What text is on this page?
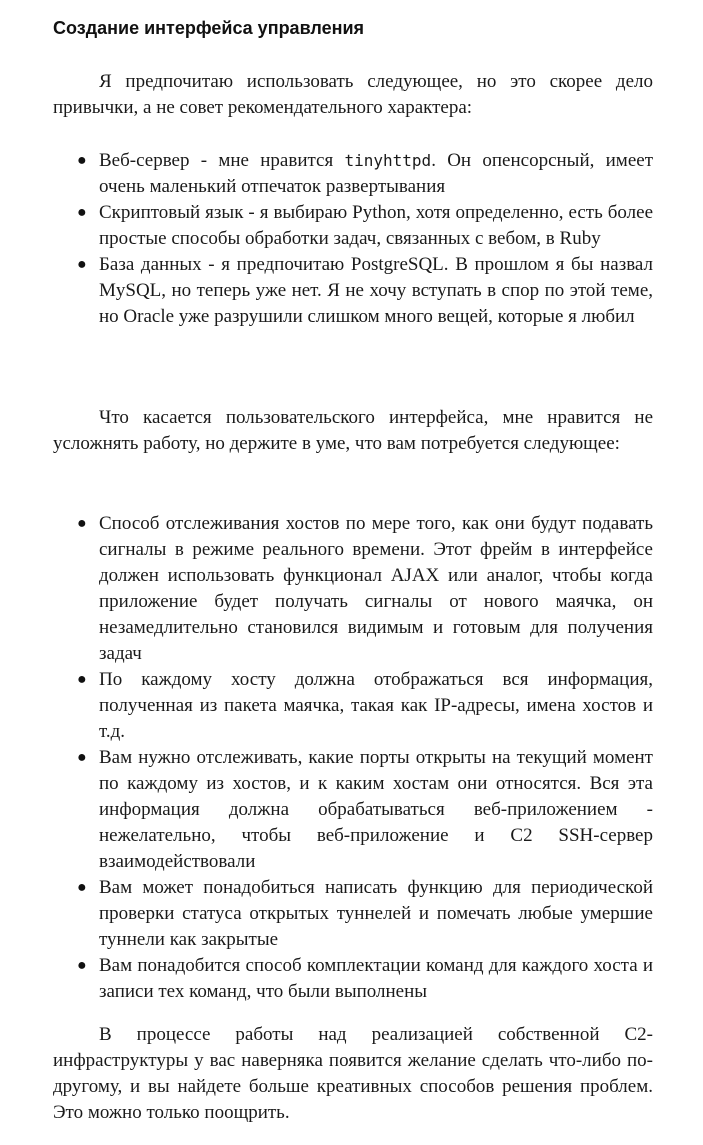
Создание интерфейса управления

Я предпочитаю использовать следующее, но это скорее дело привычки, а не совет рекомендательного характера:

● Веб-сервер - мне нравится tinyhttpd. Он опенсорсный, имеет очень маленький отпечаток развертывания
● Скриптовый язык - я выбираю Python, хотя определенно, есть более простые способы обработки задач, связанных с вебом, в Ruby
● База данных - я предпочитаю PostgreSQL. В прошлом я бы назвал MySQL, но теперь уже нет. Я не хочу вступать в спор по этой теме, но Oracle уже разрушили слишком много вещей, которые я любил

Что касается пользовательского интерфейса, мне нравится не усложнять работу, но держите в уме, что вам потребуется следующее:

● Способ отслеживания хостов по мере того, как они будут подавать сигналы в режиме реального времени. Этот фрейм в интерфейсе должен использовать функционал AJAX или аналог, чтобы когда приложение будет получать сигналы от нового маячка, он незамедлительно становился видимым и готовым для получения задач
● По каждому хосту должна отображаться вся информация, полученная из пакета маячка, такая как IP-адресы, имена хостов и т.д.
● Вам нужно отслеживать, какие порты открыты на текущий момент по каждому из хостов, и к каким хостам они относятся. Вся эта информация должна обрабатываться веб-приложением - нежелательно, чтобы веб-приложение и C2 SSH-сервер взаимодействовали
● Вам может понадобиться написать функцию для периодической проверки статуса открытых туннелей и помечать любые умершие туннели как закрытые
● Вам понадобится способ комплектации команд для каждого хоста и записи тех команд, что были выполнены

В процессе работы над реализацией собственной C2-инфраструктуры у вас наверняка появится желание сделать что-либо по-другому, и вы найдете больше креативных способов решения проблем. Это можно только поощрить.
